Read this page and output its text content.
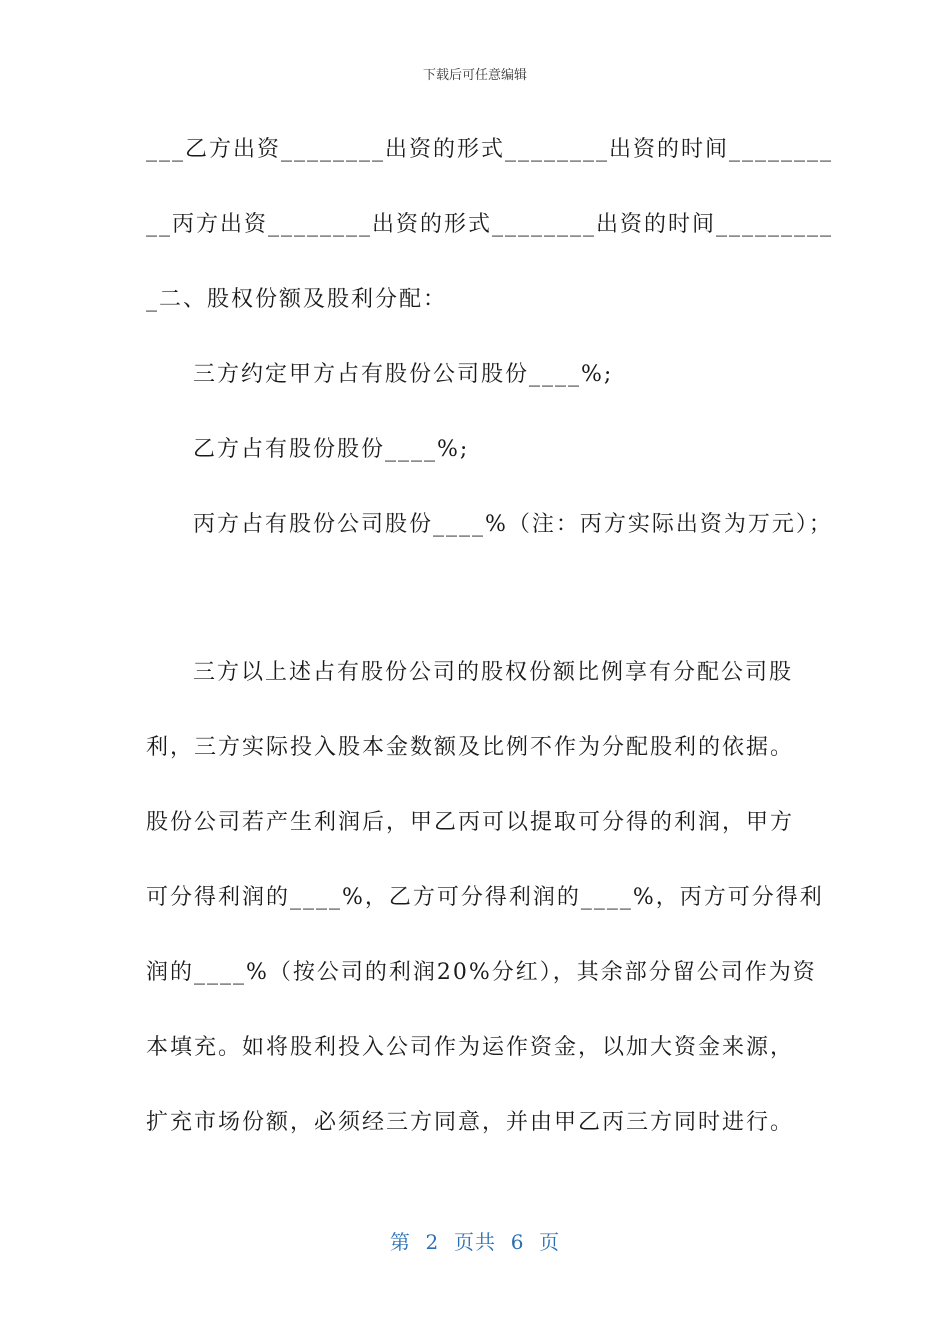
下载后可任意编辑
___乙方出资________出资的形式________出资的时间________
__丙方出资________出资的形式________出资的时间_________
_二、股权份额及股利分配：
三方约定甲方占有股份公司股份____%;
乙方占有股份股份____%;
丙方占有股份公司股份____%（注：丙方实际出资为万元）；
三方以上述占有股份公司的股权份额比例享有分配公司股
利，三方实际投入股本金数额及比例不作为分配股利的依据。
股份公司若产生利润后，甲乙丙可以提取可分得的利润，甲方
可分得利润的____%，乙方可分得利润的____%，丙方可分得利
润的____%（按公司的利润20%分红），其余部分留公司作为资
本填充。如将股利投入公司作为运作资金，以加大资金来源，
扩充市场份额，必须经三方同意，并由甲乙丙三方同时进行。
第  2  页共  6  页
